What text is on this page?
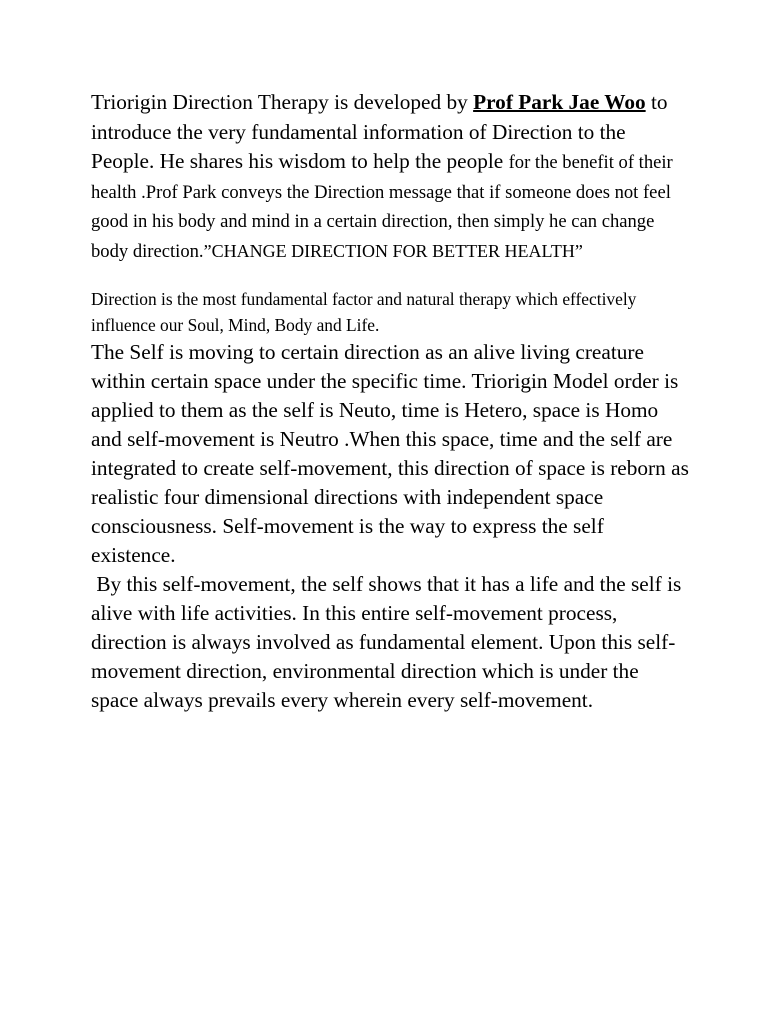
Triorigin Direction Therapy is developed by Prof Park Jae Woo to introduce the very fundamental information of Direction to the People. He shares his wisdom to help the people for the benefit of their health .Prof Park conveys the Direction message that if someone does not feel good in his body and mind in a certain direction, then simply he can change body direction.”CHANGE DIRECTION FOR BETTER HEALTH”

Direction is the most fundamental factor and natural therapy which effectively influence our Soul, Mind, Body and Life.

The Self is moving to certain direction as an alive living creature within certain space under the specific time. Triorigin Model order is applied to them as the self is Neuto, time is Hetero, space is Homo and self-movement is Neutro .When this space, time and the self are integrated to create self-movement, this direction of space is reborn as realistic four dimensional directions with independent space consciousness. Self-movement is the way to express the self existence.

By this self-movement, the self shows that it has a life and the self is alive with life activities. In this entire self-movement process, direction is always involved as fundamental element. Upon this self-movement direction, environmental direction which is under the space always prevails every wherein every self-movement.
